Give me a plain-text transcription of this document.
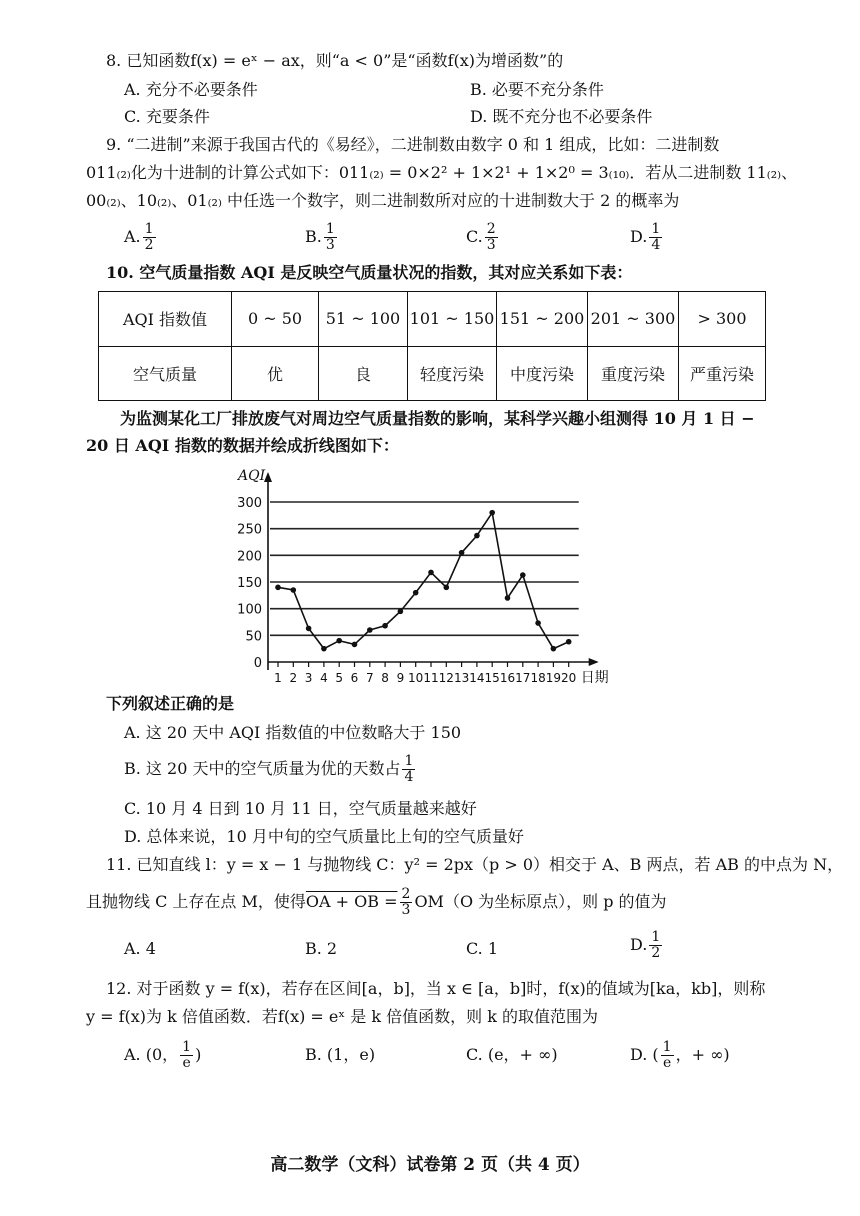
8. 已知函数f(x) = eˣ − ax，则“a < 0”是“函数f(x)为增函数”的
A. 充分不必要条件	B. 必要不充分条件
C. 充要条件	D. 既不充分也不必要条件
9. “二进制”来源于我国古代的《易经》，二进制数由数字 0 和 1 组成，比如：二进制数
011₍₂₎化为十进制的计算公式如下：011₍₂₎ = 0×2² + 1×2¹ + 1×2⁰ = 3₍₁₀₎．若从二进制数 11₍₂₎、
00₍₂₎、10₍₂₎、01₍₂₎ 中任选一个数字，则二进制数所对应的十进制数大于 2 的概率为
A. $\frac{1}{2}$	B. $\frac{1}{3}$	C. $\frac{2}{3}$	D. $\frac{1}{4}$
10. 空气质量指数 AQI 是反映空气质量状况的指数，其对应关系如下表：
AQI 指数值	0 ~ 50	51 ~ 100	101 ~ 150	151 ~ 200	201 ~ 300	> 300
空气质量	优	良	轻度污染	中度污染	重度污染	严重污染
为监测某化工厂排放废气对周边空气质量指数的影响，某科学兴趣小组测得 10 月 1 日 −
20 日 AQI 指数的数据并绘成折线图如下：
0
50
100
150
200
250
300
AQI
日期
1 2 3 4 5 6 7 8 9 10 11 12 13 14 15 16 17 18 19 20
下列叙述正确的是
A. 这 20 天中 AQI 指数值的中位数略大于 150
B. 这 20 天中的空气质量为优的天数占 $\frac{1}{4}$
C. 10 月 4 日到 10 月 11 日，空气质量越来越好
D. 总体来说，10 月中旬的空气质量比上旬的空气质量好
11. 已知直线 l：y = x − 1 与抛物线 C：y² = 2px（p > 0）相交于 A、B 两点，若 AB 的中点为 N，
且抛物线 C 上存在点 M，使得OA + OB = $\frac{2}{3} OM(O$ 为坐标原点），则 p 的值为
A. 4	B. 2	C. 1	D. $\frac{1}{2}$
12. 对于函数 y = f(x)，若存在区间[a，b]，当 x ∈ [a，b]时，f(x)的值域为[ka，kb]，则称
y = f(x)为 k 倍值函数．若f(x) = eˣ 是 k 倍值函数，则 k 的取值范围为
A. (0， $\frac{1}{e}$ )	B. (1，e)	C. (e，+ ∞)	D. ( $\frac{1}{e}$ ，+ ∞)
高二数学（文科）试卷第 2 页（共 4 页）
